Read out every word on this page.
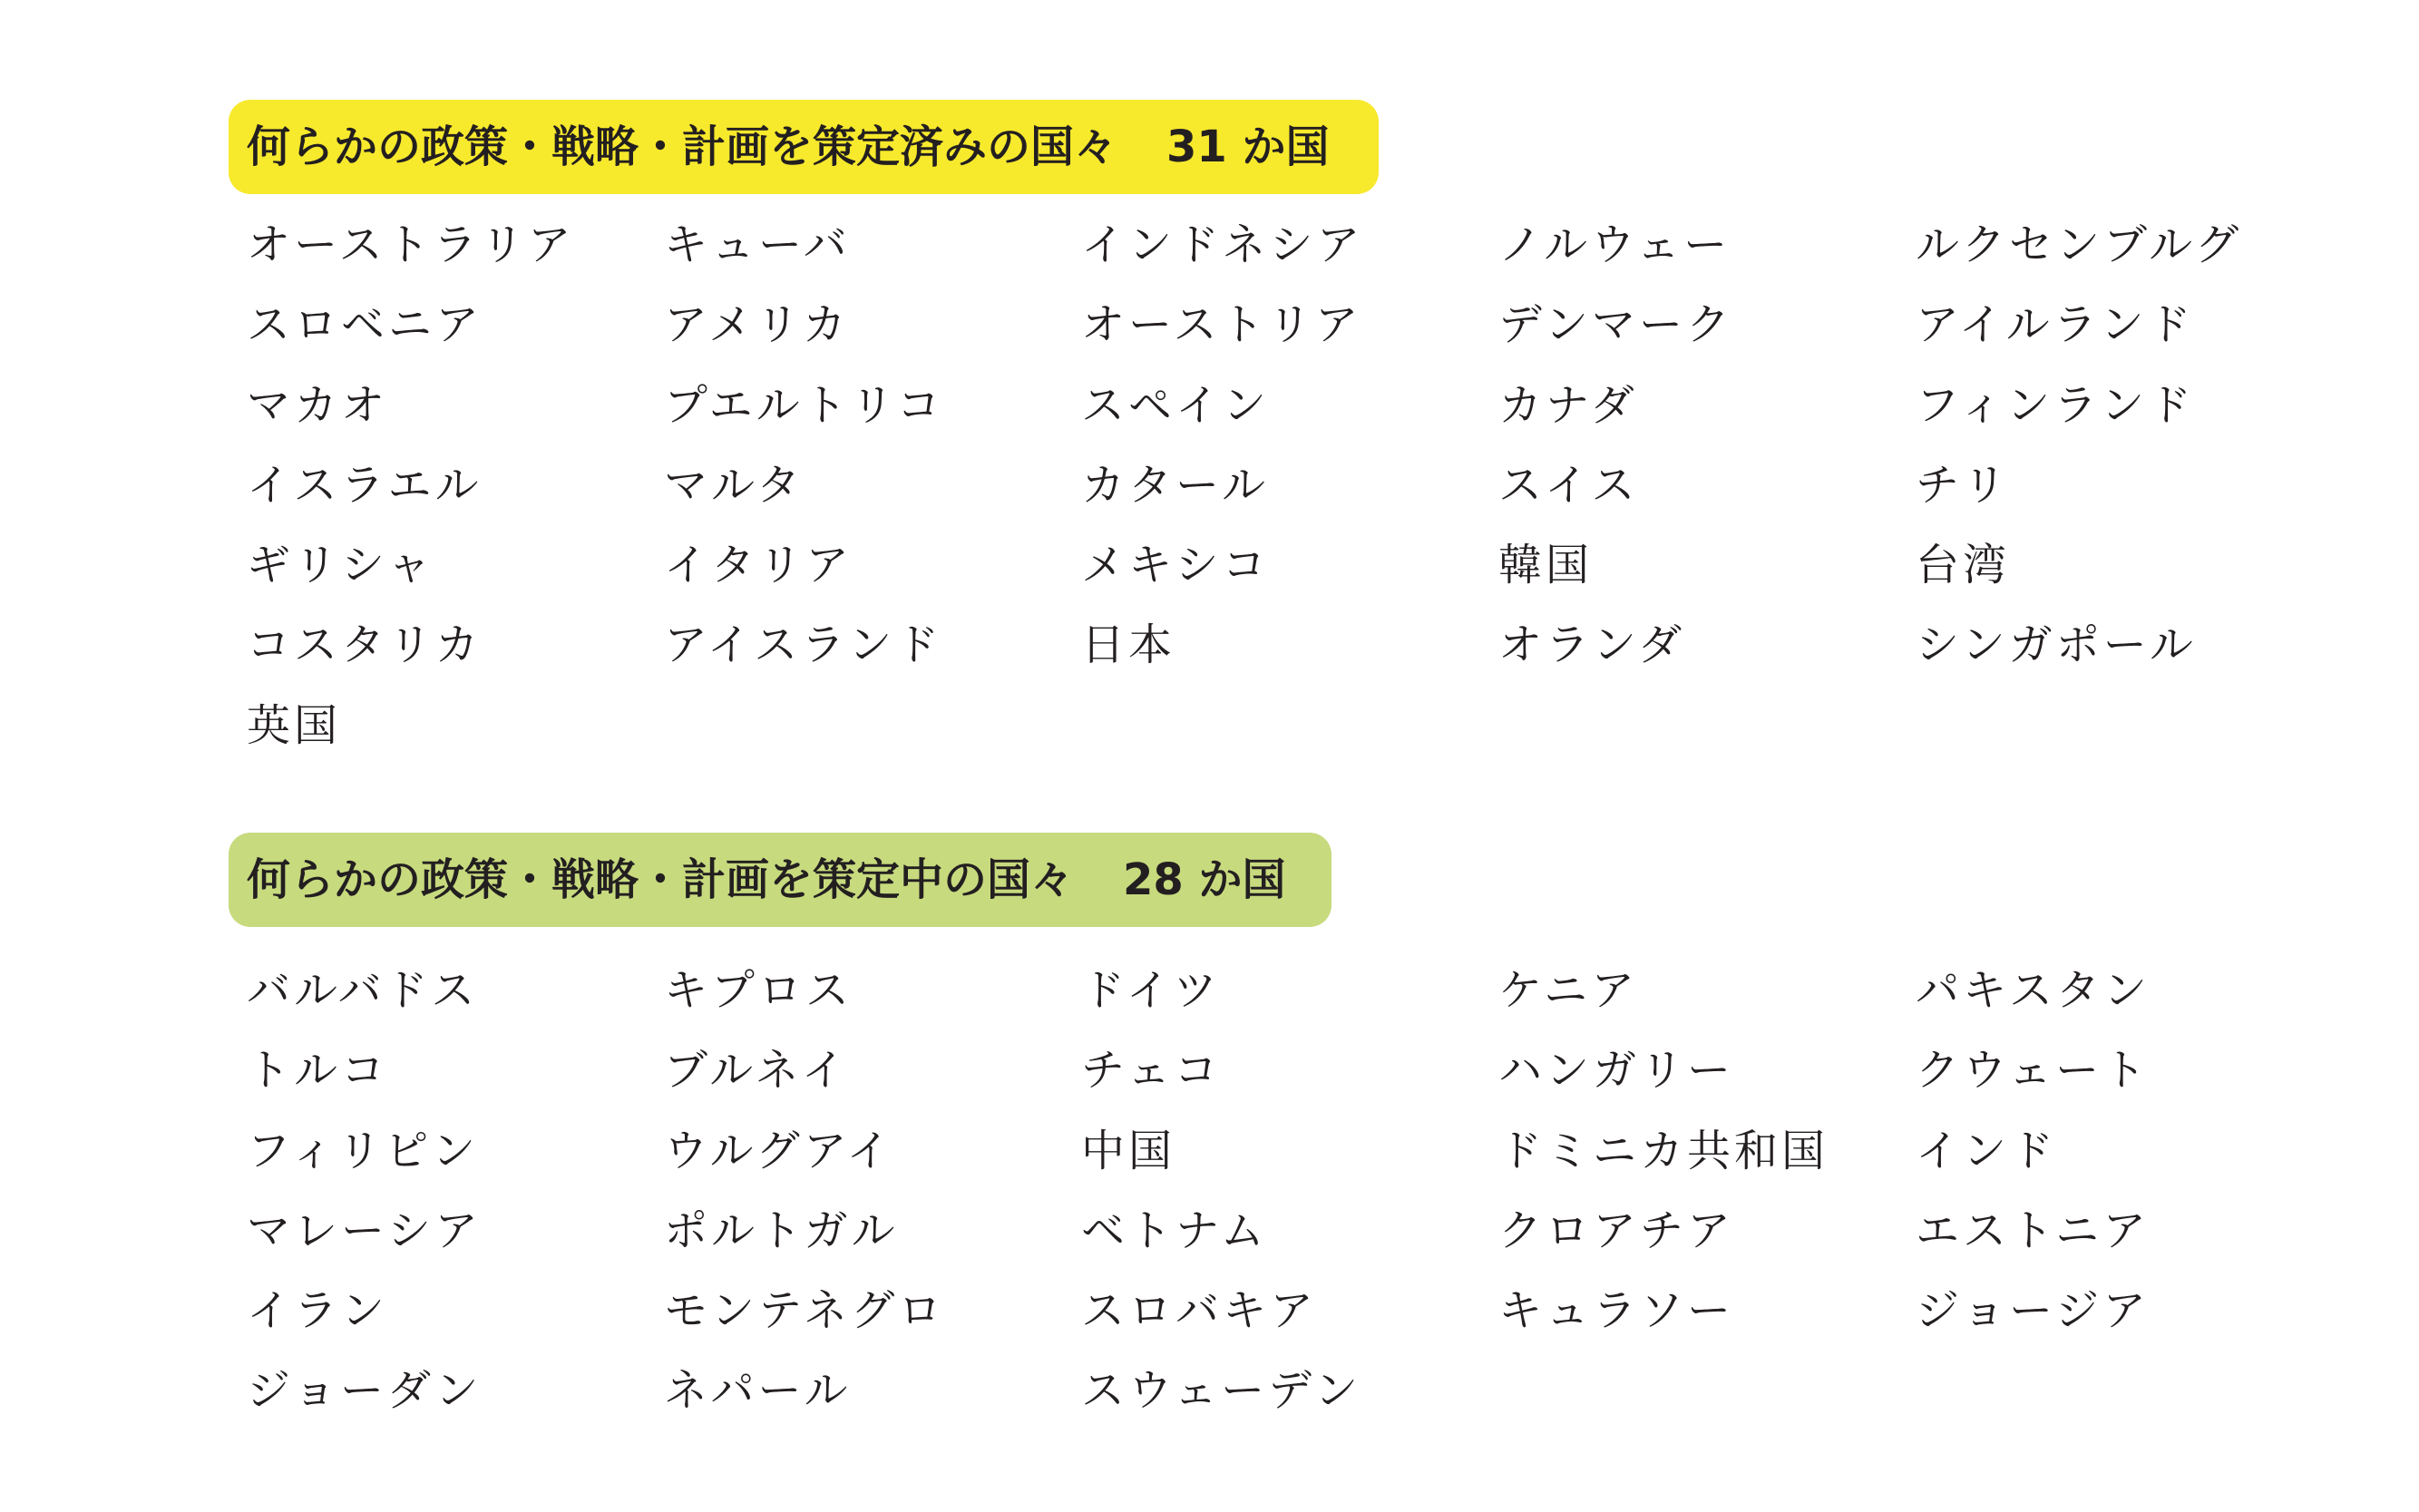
何らかの政策・戦略・計画を策定済みの国々 31 か国
オーストラリア	キューバ	インドネシア	ノルウェー	ルクセンブルグ
スロベニア	アメリカ	オーストリア	デンマーク	アイルランド
マカオ	プエルトリコ	スペイン	カナダ	フィンランド
イスラエル	マルタ	カタール	スイス	チリ
ギリシャ	イタリア	メキシコ	韓国	台湾
コスタリカ	アイスランド	日本	オランダ	シンガポール
英国
何らかの政策・戦略・計画を策定中の国々 28 か国
バルバドス	キプロス	ドイツ	ケニア	パキスタン
トルコ	ブルネイ	チェコ	ハンガリー	クウェート
フィリピン	ウルグアイ	中国	ドミニカ共和国	インド
マレーシア	ポルトガル	ベトナム	クロアチア	エストニア
イラン	モンテネグロ	スロバキア	キュラソー	ジョージア
ジョーダン	ネパール	スウェーデン
